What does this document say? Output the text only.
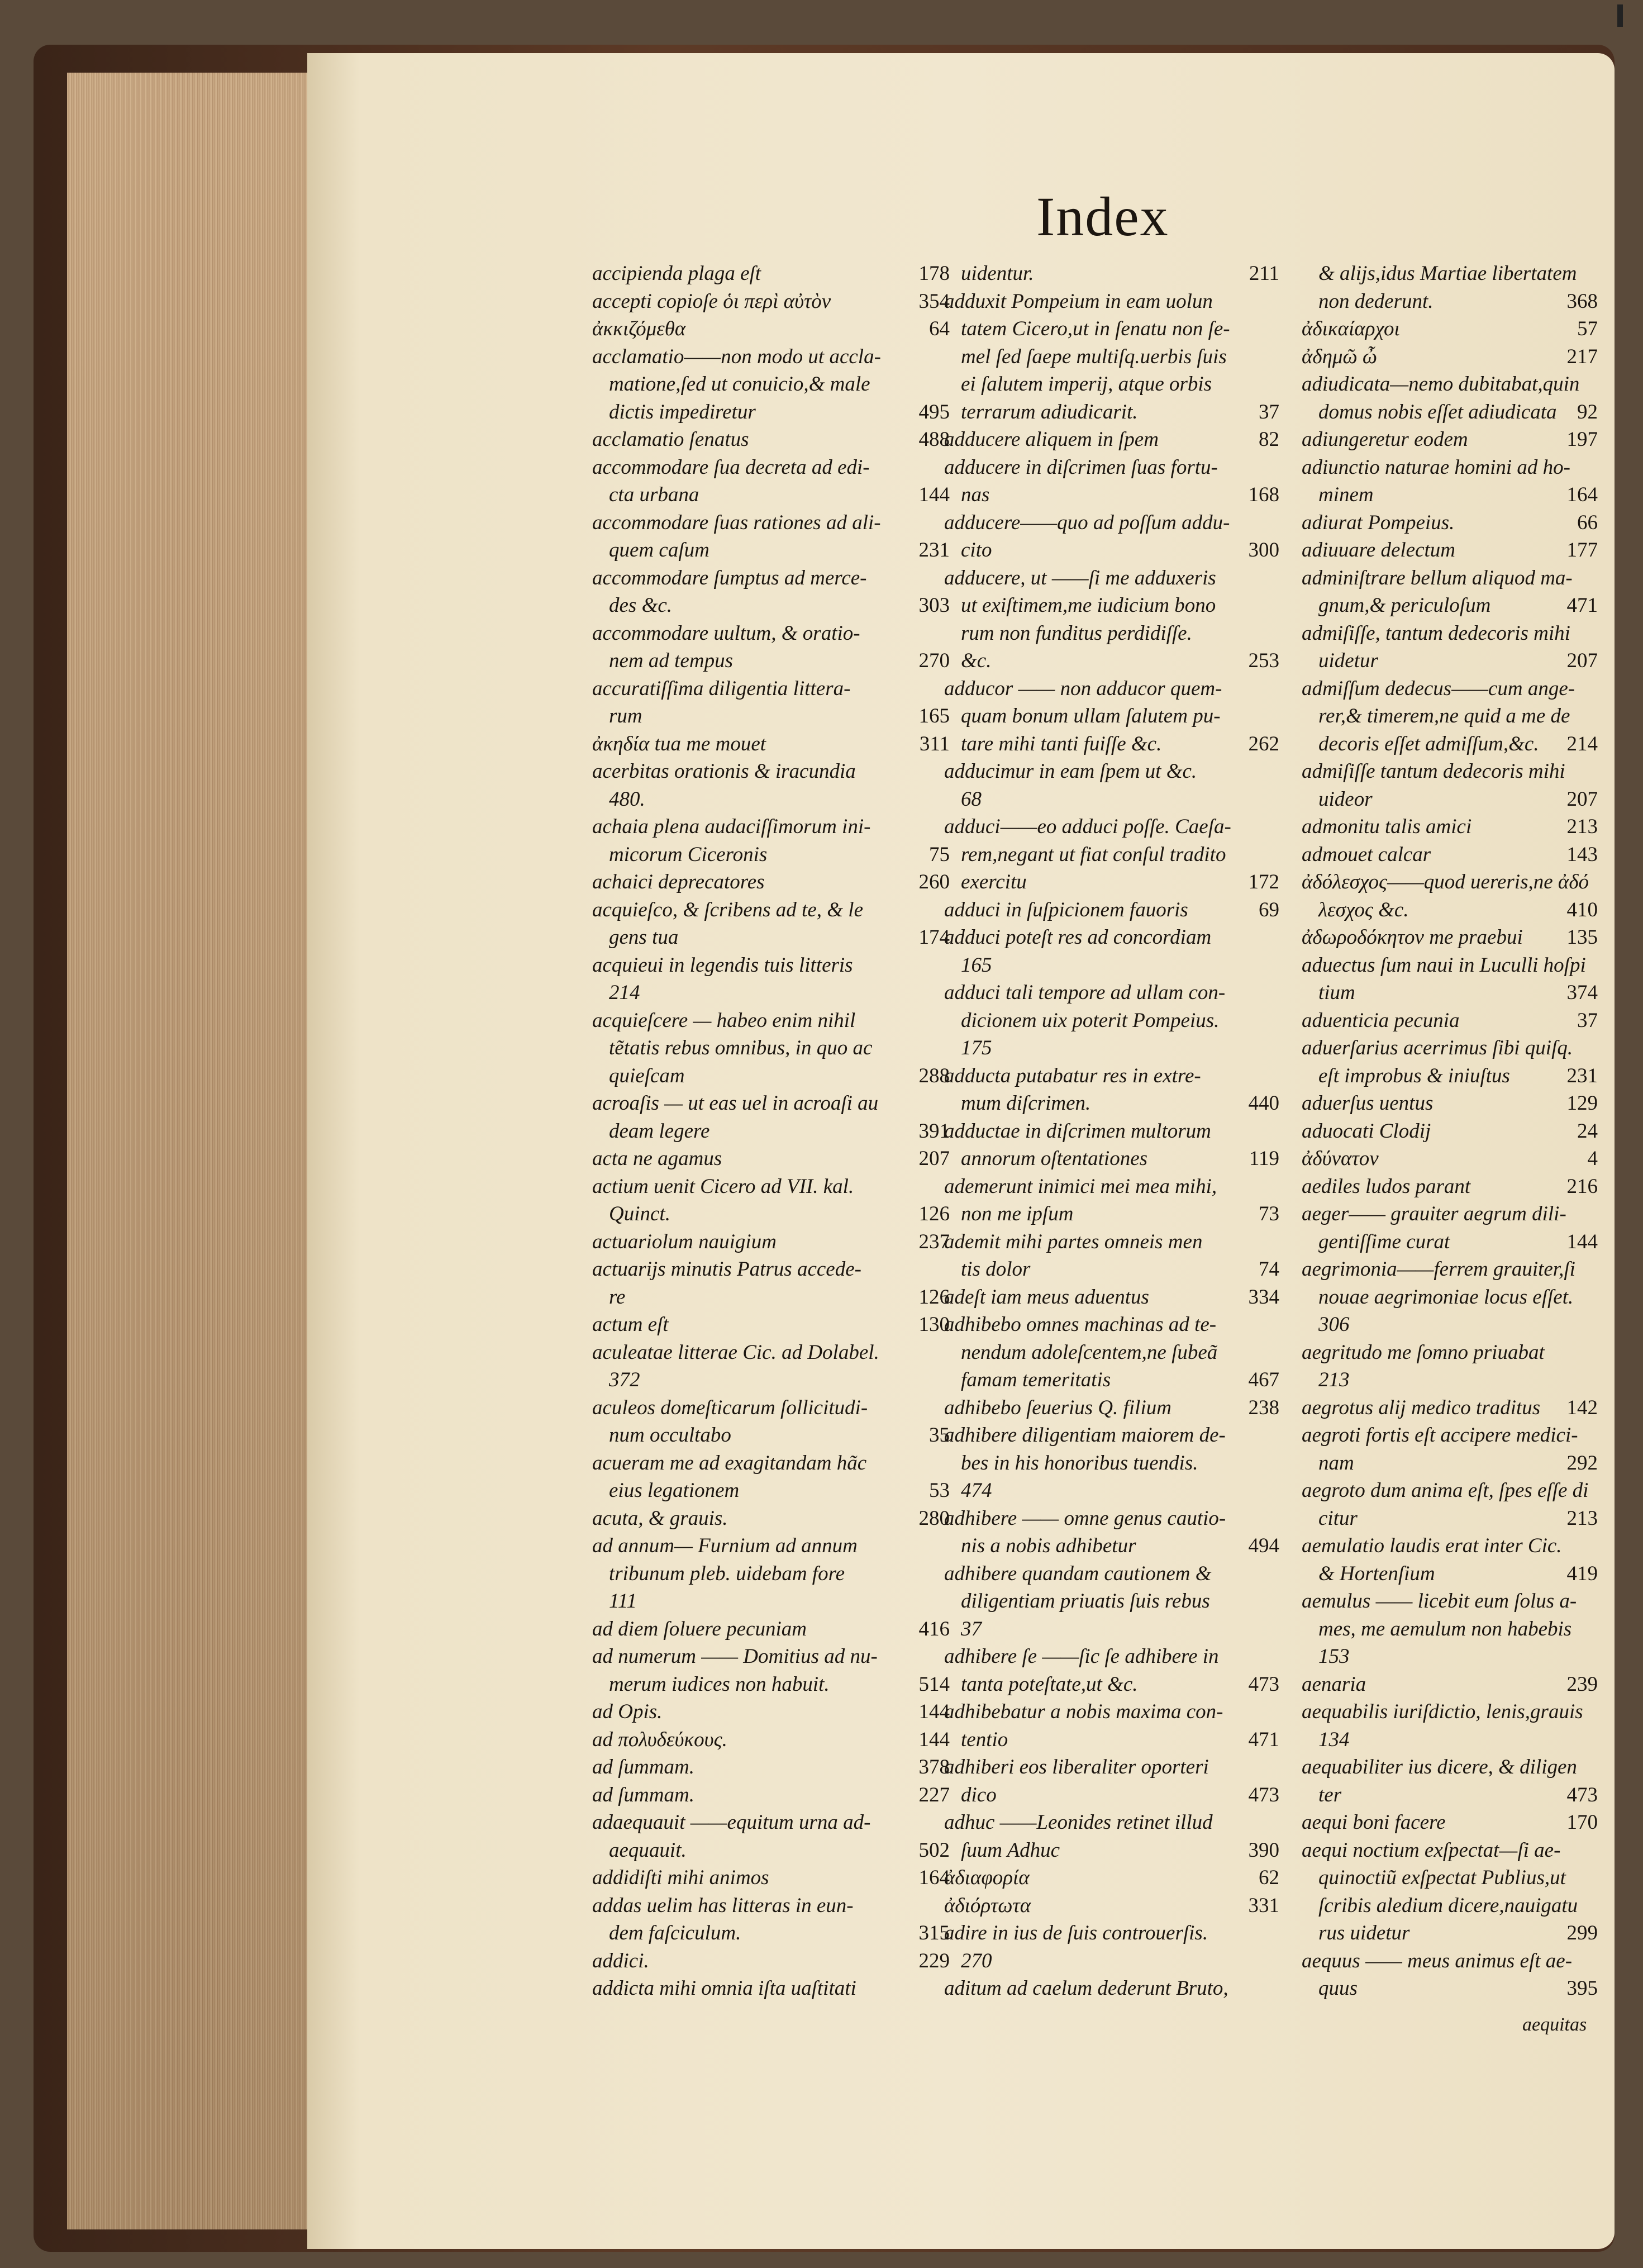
Index
accipienda plaga eſt	178
accepti copioſe ὁι περὶ αὐτὸν	354
ἀκκιζόμεθα	64
acclamatio——non modo ut accla-
matione,ſed ut conuicio,& male
dictis impediretur	495
acclamatio ſenatus	488
accommodare ſua decreta ad edi-
cta urbana	144
accommodare ſuas rationes ad ali-
quem caſum	231
accommodare ſumptus ad merce-
des &c.	303
accommodare uultum, & oratio-
nem ad tempus	270
accuratiſſima diligentia littera-
rum	165
ἀκηδία tua me mouet	311
acerbitas orationis & iracundia
480.
achaia plena audaciſſimorum ini-
micorum Ciceronis	75
achaici deprecatores	260
acquieſco, & ſcribens ad te, & le
gens tua	174
acquieui in legendis tuis litteris
214
acquieſcere — habeo enim nihil
tẽtatis rebus omnibus, in quo ac
quieſcam	288
acroaſis — ut eas uel in acroaſi au
deam legere	391
acta ne agamus	207
actium uenit Cicero ad VII. kal.
Quinct.	126
actuariolum nauigium	237
actuarijs minutis Patrus accede-
re	126
actum eſt	130
aculeatae litterae Cic. ad Dolabel.
372
aculeos domeſticarum ſollicitudi-
num occultabo	35
acueram me ad exagitandam hãc
eius legationem	53
acuta, & grauis.	280
ad annum— Furnium ad annum
tribunum pleb. uidebam fore
111
ad diem ſoluere pecuniam	416
ad numerum —— Domitius ad nu-
merum iudices non habuit.	514
ad Opis.	144
ad πολυδεύκους.	144
ad ſummam.	378
ad ſummam.	227
adaequauit ——equitum urna ad-
aequauit.	502
addidiſti mihi animos	164
addas uelim has litteras in eun-
dem faſciculum.	315
addici.	229
addicta mihi omnia iſta uaſtitati
uidentur.	211
adduxit Pompeium in eam uolun
tatem Cicero,ut in ſenatu non ſe-
mel ſed ſaepe multiſq.uerbis ſuis
ei ſalutem imperij, atque orbis
terrarum adiudicarit.	37
adducere aliquem in ſpem	82
adducere in diſcrimen ſuas fortu-
nas	168
adducere——quo ad poſſum addu-
cito	300
adducere, ut ——ſi me adduxeris
ut exiſtimem,me iudicium bono
rum non funditus perdidiſſe.
&c.	253
adducor —— non adducor quem-
quam bonum ullam ſalutem pu-
tare mihi tanti fuiſſe &c.	262
adducimur in eam ſpem ut &c.
68
adduci——eo adduci poſſe. Caeſa-
rem,negant ut fiat conſul tradito
exercitu	172
adduci in ſuſpicionem fauoris	69
adduci poteſt res ad concordiam
165
adduci tali tempore ad ullam con-
dicionem uix poterit Pompeius.
175
adducta putabatur res in extre-
mum diſcrimen.	440
adductae in diſcrimen multorum
annorum oſtentationes	119
ademerunt inimici mei mea mihi,
non me ipſum	73
ademit mihi partes omneis men
tis dolor	74
adeſt iam meus aduentus	334
adhibebo omnes machinas ad te-
nendum adoleſcentem,ne ſubeã
famam temeritatis	467
adhibebo ſeuerius Q. filium	238
adhibere diligentiam maiorem de-
bes in his honoribus tuendis.
474
adhibere —— omne genus cautio-
nis a nobis adhibetur	494
adhibere quandam cautionem &
diligentiam priuatis ſuis rebus
37
adhibere ſe ——ſic ſe adhibere in
tanta poteſtate,ut &c.	473
adhibebatur a nobis maxima con-
tentio	471
adhiberi eos liberaliter oporteri
dico	473
adhuc ——Leonides retinet illud
ſuum Adhuc	390
ἀδιαφορία	62
ἀδιόρτωτα	331
adire in ius de ſuis controuerſis.
270
aditum ad caelum dederunt Bruto,
& alijs,idus Martiae libertatem
non dederunt.	368
ἀδικαίαρχοι	57
ἀδημῶ ὦ	217
adiudicata—nemo dubitabat,quin
domus nobis eſſet adiudicata 92
adiungeretur eodem	197
adiunctio naturae homini ad ho-
minem	164
adiurat Pompeius.	66
adiuuare delectum	177
adminiſtrare bellum aliquod ma-
gnum,& periculoſum	471
admiſiſſe, tantum dedecoris mihi
uidetur	207
admiſſum dedecus——cum ange-
rer,& timerem,ne quid a me de
decoris eſſet admiſſum,&c. 214
admiſiſſe tantum dedecoris mihi
uideor	207
admonitu talis amici	213
admouet calcar	143
ἀδόλεσχος——quod uereris,ne ἀδό
λεσχος &c.	410
ἀδωροδόκητον me praebui 135
aduectus ſum naui in Luculli hoſpi
tium	374
aduenticia pecunia	37
aduerſarius acerrimus ſibi quiſq.
eſt improbus & iniuſtus	231
aduerſus uentus	129
aduocati Clodij	24
ἀδύνατον	4
aediles ludos parant	216
aeger—— grauiter aegrum dili-
gentiſſime curat	144
aegrimonia——ferrem grauiter,ſi
nouae aegrimoniae locus eſſet.
306
aegritudo me ſomno priuabat
213
aegrotus alij medico traditus 142
aegroti fortis eſt accipere medici-
nam	292
aegroto dum anima eſt, ſpes eſſe di
citur	213
aemulatio laudis erat inter Cic.
& Hortenſium	419
aemulus —— licebit eum ſolus a-
mes, me aemulum non habebis
153
aenaria	239
aequabilis iuriſdictio, lenis,grauis
134
aequabiliter ius dicere, & diligen
ter	473
aequi boni facere	170
aequi noctium exſpectat—ſi ae-
quinoctiũ exſpectat Publius,ut
ſcribis aledium dicere,nauigatu
rus uidetur	299
aequus —— meus animus eſt ae-
quus	395
aequitas
